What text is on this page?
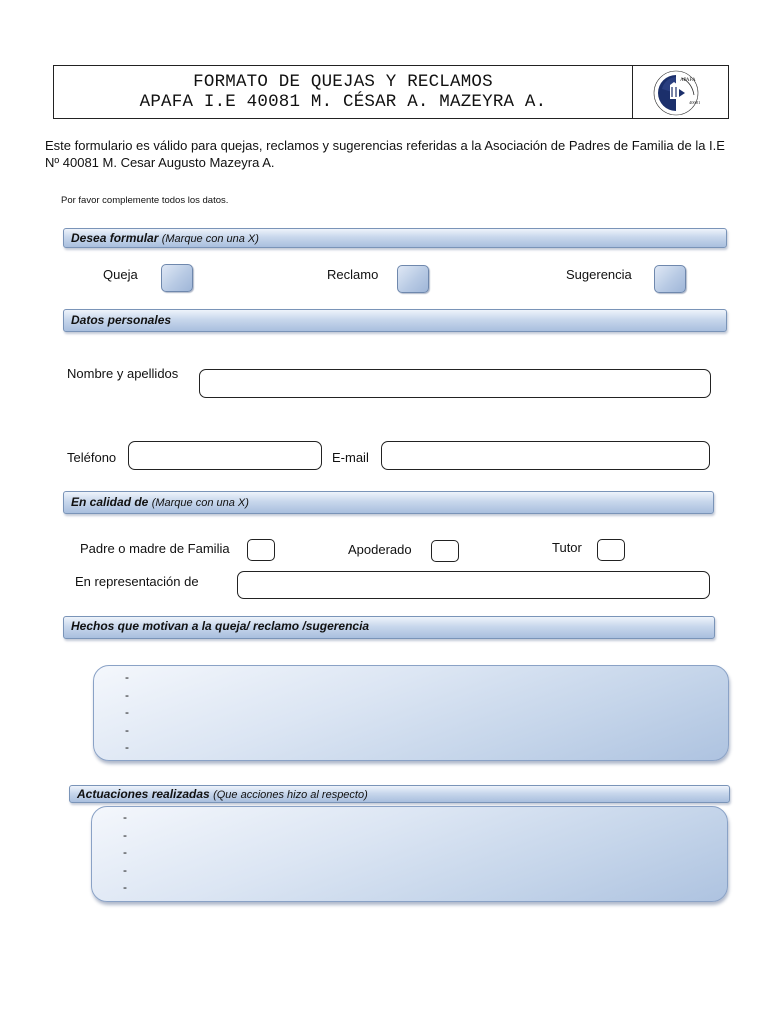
FORMATO DE QUEJAS Y RECLAMOS
APAFA I.E 40081 M. CÉSAR A. MAZEYRA A.
APAFA
40081
Este formulario es válido para quejas, reclamos y sugerencias referidas a la Asociación de Padres de Familia de la I.E Nº 40081 M. Cesar Augusto Mazeyra A.
Por favor complemente todos los datos.
Desea formular (Marque con una X)
Queja	Reclamo	Sugerencia
Datos personales
Nombre y apellidos
Teléfono	E-mail
En calidad de (Marque con una X)
Padre o madre de Familia	Apoderado	Tutor
En representación de
Hechos que motivan a la queja/ reclamo /sugerencia
-
-
-
-
-
Actuaciones realizadas (Que acciones hizo al respecto)
-
-
-
-
-
